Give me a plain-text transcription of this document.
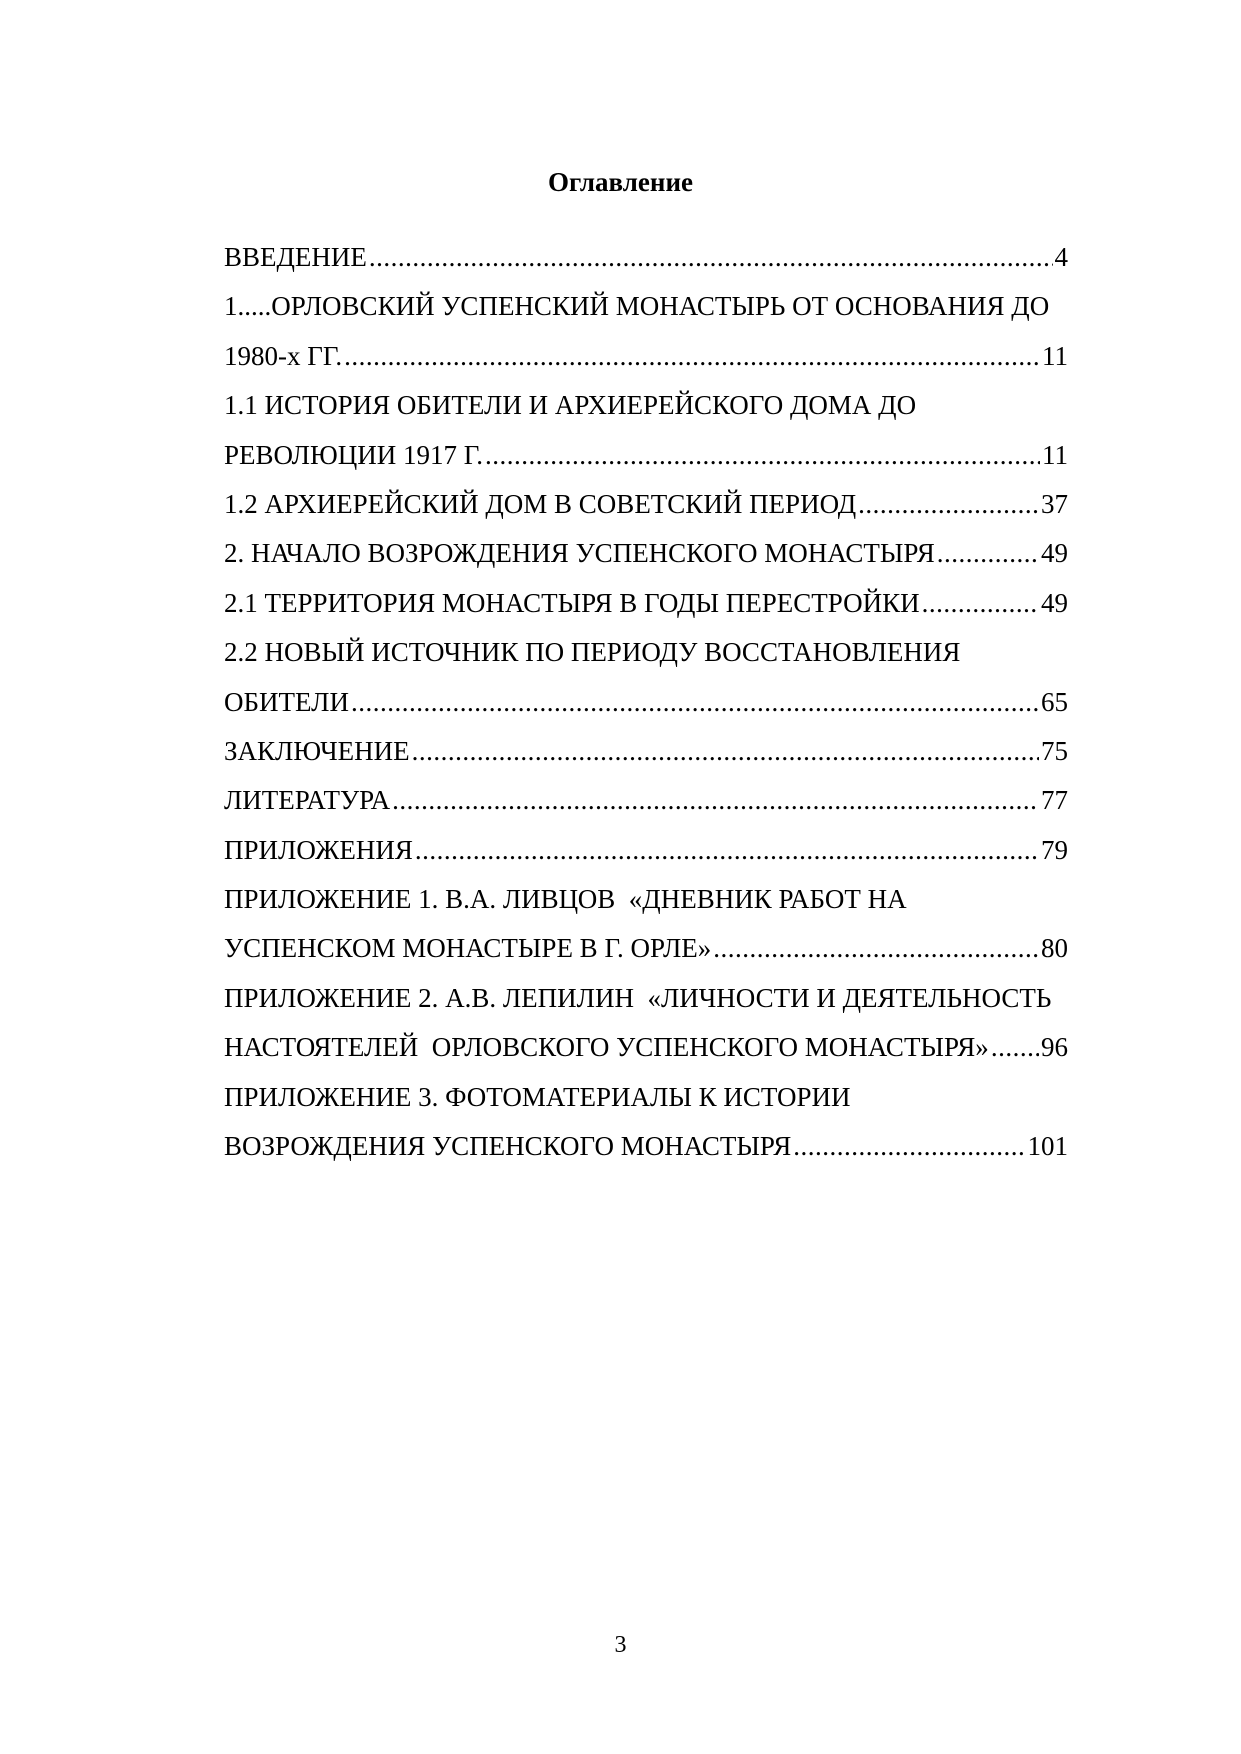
Оглавление
ВВЕДЕНИЕ .....	4
1.....ОРЛОВСКИЙ УСПЕНСКИЙ МОНАСТЫРЬ ОТ ОСНОВАНИЯ ДО
1980-х ГГ. .....	11
1.1 ИСТОРИЯ ОБИТЕЛИ И АРХИЕРЕЙСКОГО ДОМА ДО
РЕВОЛЮЦИИ 1917 Г. .....	11
1.2 АРХИЕРЕЙСКИЙ ДОМ В СОВЕТСКИЙ ПЕРИОД .....	37
2. НАЧАЛО ВОЗРОЖДЕНИЯ УСПЕНСКОГО МОНАСТЫРЯ .....	49
2.1 ТЕРРИТОРИЯ МОНАСТЫРЯ В ГОДЫ ПЕРЕСТРОЙКИ .....	49
2.2 НОВЫЙ ИСТОЧНИК ПО ПЕРИОДУ ВОССТАНОВЛЕНИЯ
ОБИТЕЛИ .....	65
ЗАКЛЮЧЕНИЕ .....	75
ЛИТЕРАТУРА .....	77
ПРИЛОЖЕНИЯ .....	79
ПРИЛОЖЕНИЕ 1. В.А. ЛИВЦОВ  «ДНЕВНИК РАБОТ НА
УСПЕНСКОМ МОНАСТЫРЕ В Г. ОРЛЕ» .....	80
ПРИЛОЖЕНИЕ 2. А.В. ЛЕПИЛИН  «ЛИЧНОСТИ И ДЕЯТЕЛЬНОСТЬ
НАСТОЯТЕЛЕЙ  ОРЛОВСКОГО УСПЕНСКОГО МОНАСТЫРЯ» ..... 96
ПРИЛОЖЕНИЕ 3. ФОТОМАТЕРИАЛЫ К ИСТОРИИ
ВОЗРОЖДЕНИЯ УСПЕНСКОГО МОНАСТЫРЯ .....	101
3
